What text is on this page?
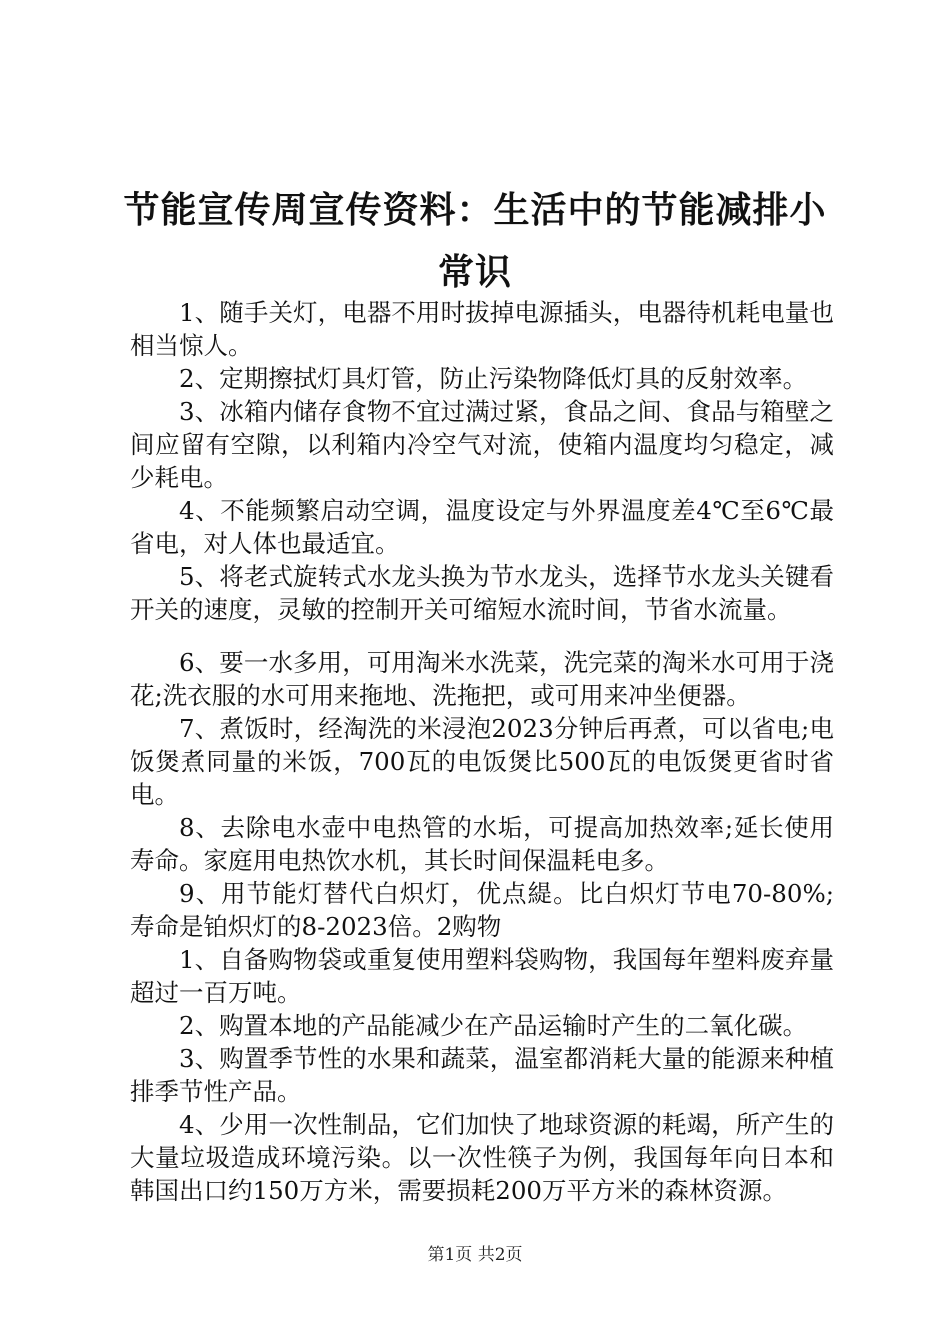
节能宣传周宣传资料：生活中的节能减排小常识

1、随手关灯，电器不用时拔掉电源插头，电器待机耗电量也相当惊人。

2、定期擦拭灯具灯管，防止污染物降低灯具的反射效率。

3、冰箱内储存食物不宜过满过紧，食品之间、食品与箱壁之间应留有空隙，以利箱内冷空气对流，使箱内温度均匀稳定，减少耗电。

4、不能频繁启动空调，温度设定与外界温度差4℃至6℃最省电，对人体也最适宜。

5、将老式旋转式水龙头换为节水龙头，选择节水龙头关键看开关的速度，灵敏的控制开关可缩短水流时间，节省水流量。

6、要一水多用，可用淘米水洗菜，洗完菜的淘米水可用于浇花;洗衣服的水可用来拖地、洗拖把，或可用来冲坐便器。

7、煮饭时，经淘洗的米浸泡2023分钟后再煮，可以省电;电饭煲煮同量的米饭，700瓦的电饭煲比500瓦的电饭煲更省时省电。

8、去除电水壶中电热管的水垢，可提高加热效率;延长使用寿命。家庭用电热饮水机，其长时间保温耗电多。

9、用节能灯替代白炽灯，优点緹。比白炽灯节电70-80%;寿命是铂炽灯的8-2023倍。2购物

1、自备购物袋或重复使用塑料袋购物，我国每年塑料废弃量超过一百万吨。

2、购置本地的产品能减少在产品运输时产生的二氧化碳。

3、购置季节性的水果和蔬菜，温室都消耗大量的能源来种植排季节性产品。

4、少用一次性制品，它们加快了地球资源的耗竭，所产生的大量垃圾造成环境污染。以一次性筷子为例，我国每年向日本和韩国出口约150万方米，需要损耗200万平方米的森林资源。

第1页 共2页
